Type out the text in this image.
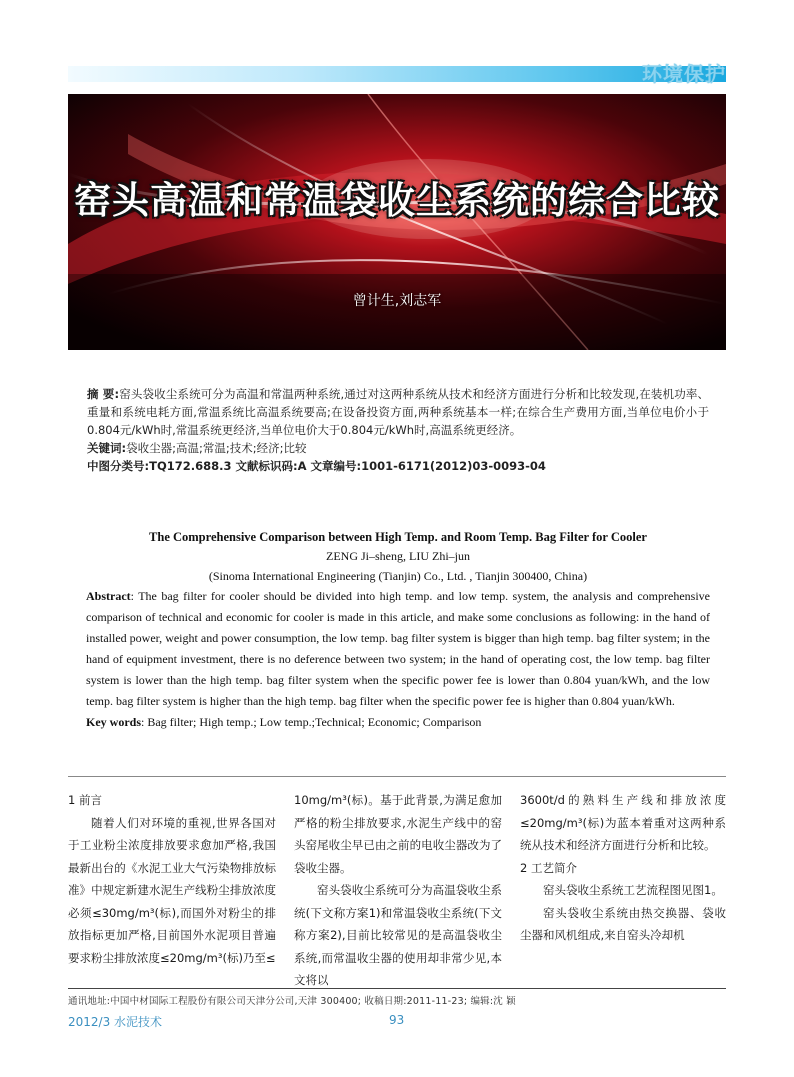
环境保护
窑头高温和常温袋收尘系统的综合比较
曾计生,刘志军

摘 要:窑头袋收尘系统可分为高温和常温两种系统,通过对这两种系统从技术和经济方面进行分析和比较发现,在装机功率、重量和系统电耗方面,常温系统比高温系统要高;在设备投资方面,两种系统基本一样;在综合生产费用方面,当单位电价小于0.804元/kWh时,常温系统更经济,当单位电价大于0.804元/kWh时,高温系统更经济。

关键词:袋收尘器;高温;常温;技术;经济;比较

中图分类号:TQ172.688.3 文献标识码:A 文章编号:1001-6171(2012)03-0093-04

The Comprehensive Comparison between High Temp. and Room Temp. Bag Filter for Cooler

ZENG Ji–sheng, LIU Zhi–jun

(Sinoma International Engineering (Tianjin) Co., Ltd. , Tianjin 300400, China)

Abstract: The bag filter for cooler should be divided into high temp. and low temp. system, the analysis and comprehensive comparison of technical and economic for cooler is made in this article, and make some conclusions as following: in the hand of installed power, weight and power consumption, the low temp. bag filter system is bigger than high temp. bag filter system; in the hand of equipment investment, there is no deference between two system; in the hand of operating cost, the low temp. bag filter system is lower than the high temp. bag filter system when the specific power fee is lower than 0.804 yuan/kWh, and the low temp. bag filter system is higher than the high temp. bag filter when the specific power fee is higher than 0.804 yuan/kWh.

Key words: Bag filter; High temp.; Low temp.;Technical; Economic; Comparison

1 前言

随着人们对环境的重视,世界各国对于工业粉尘浓度排放要求愈加严格,我国最新出台的《水泥工业大气污染物排放标准》中规定新建水泥生产线粉尘排放浓度必须≤30mg/m³(标),而国外对粉尘的排放指标更加严格,目前国外水泥项目普遍要求粉尘排放浓度≤20mg/m³(标)乃至≤

10mg/m³(标)。基于此背景,为满足愈加严格的粉尘排放要求,水泥生产线中的窑头窑尾收尘早已由之前的电收尘器改为了袋收尘器。

窑头袋收尘系统可分为高温袋收尘系统(下文称方案1)和常温袋收尘系统(下文称方案2),目前比较常见的是高温袋收尘系统,而常温收尘器的使用却非常少见,本文将以

3600t/d的熟料生产线和排放浓度≤20mg/m³(标)为蓝本着重对这两种系统从技术和经济方面进行分析和比较。

2 工艺简介

窑头袋收尘系统工艺流程图见图1。

窑头袋收尘系统由热交换器、袋收尘器和风机组成,来自窑头冷却机

通讯地址:中国中材国际工程股份有限公司天津分公司,天津 300400; 收稿日期:2011-11-23; 编辑:沈 颖
2012/3 水泥技术	93
